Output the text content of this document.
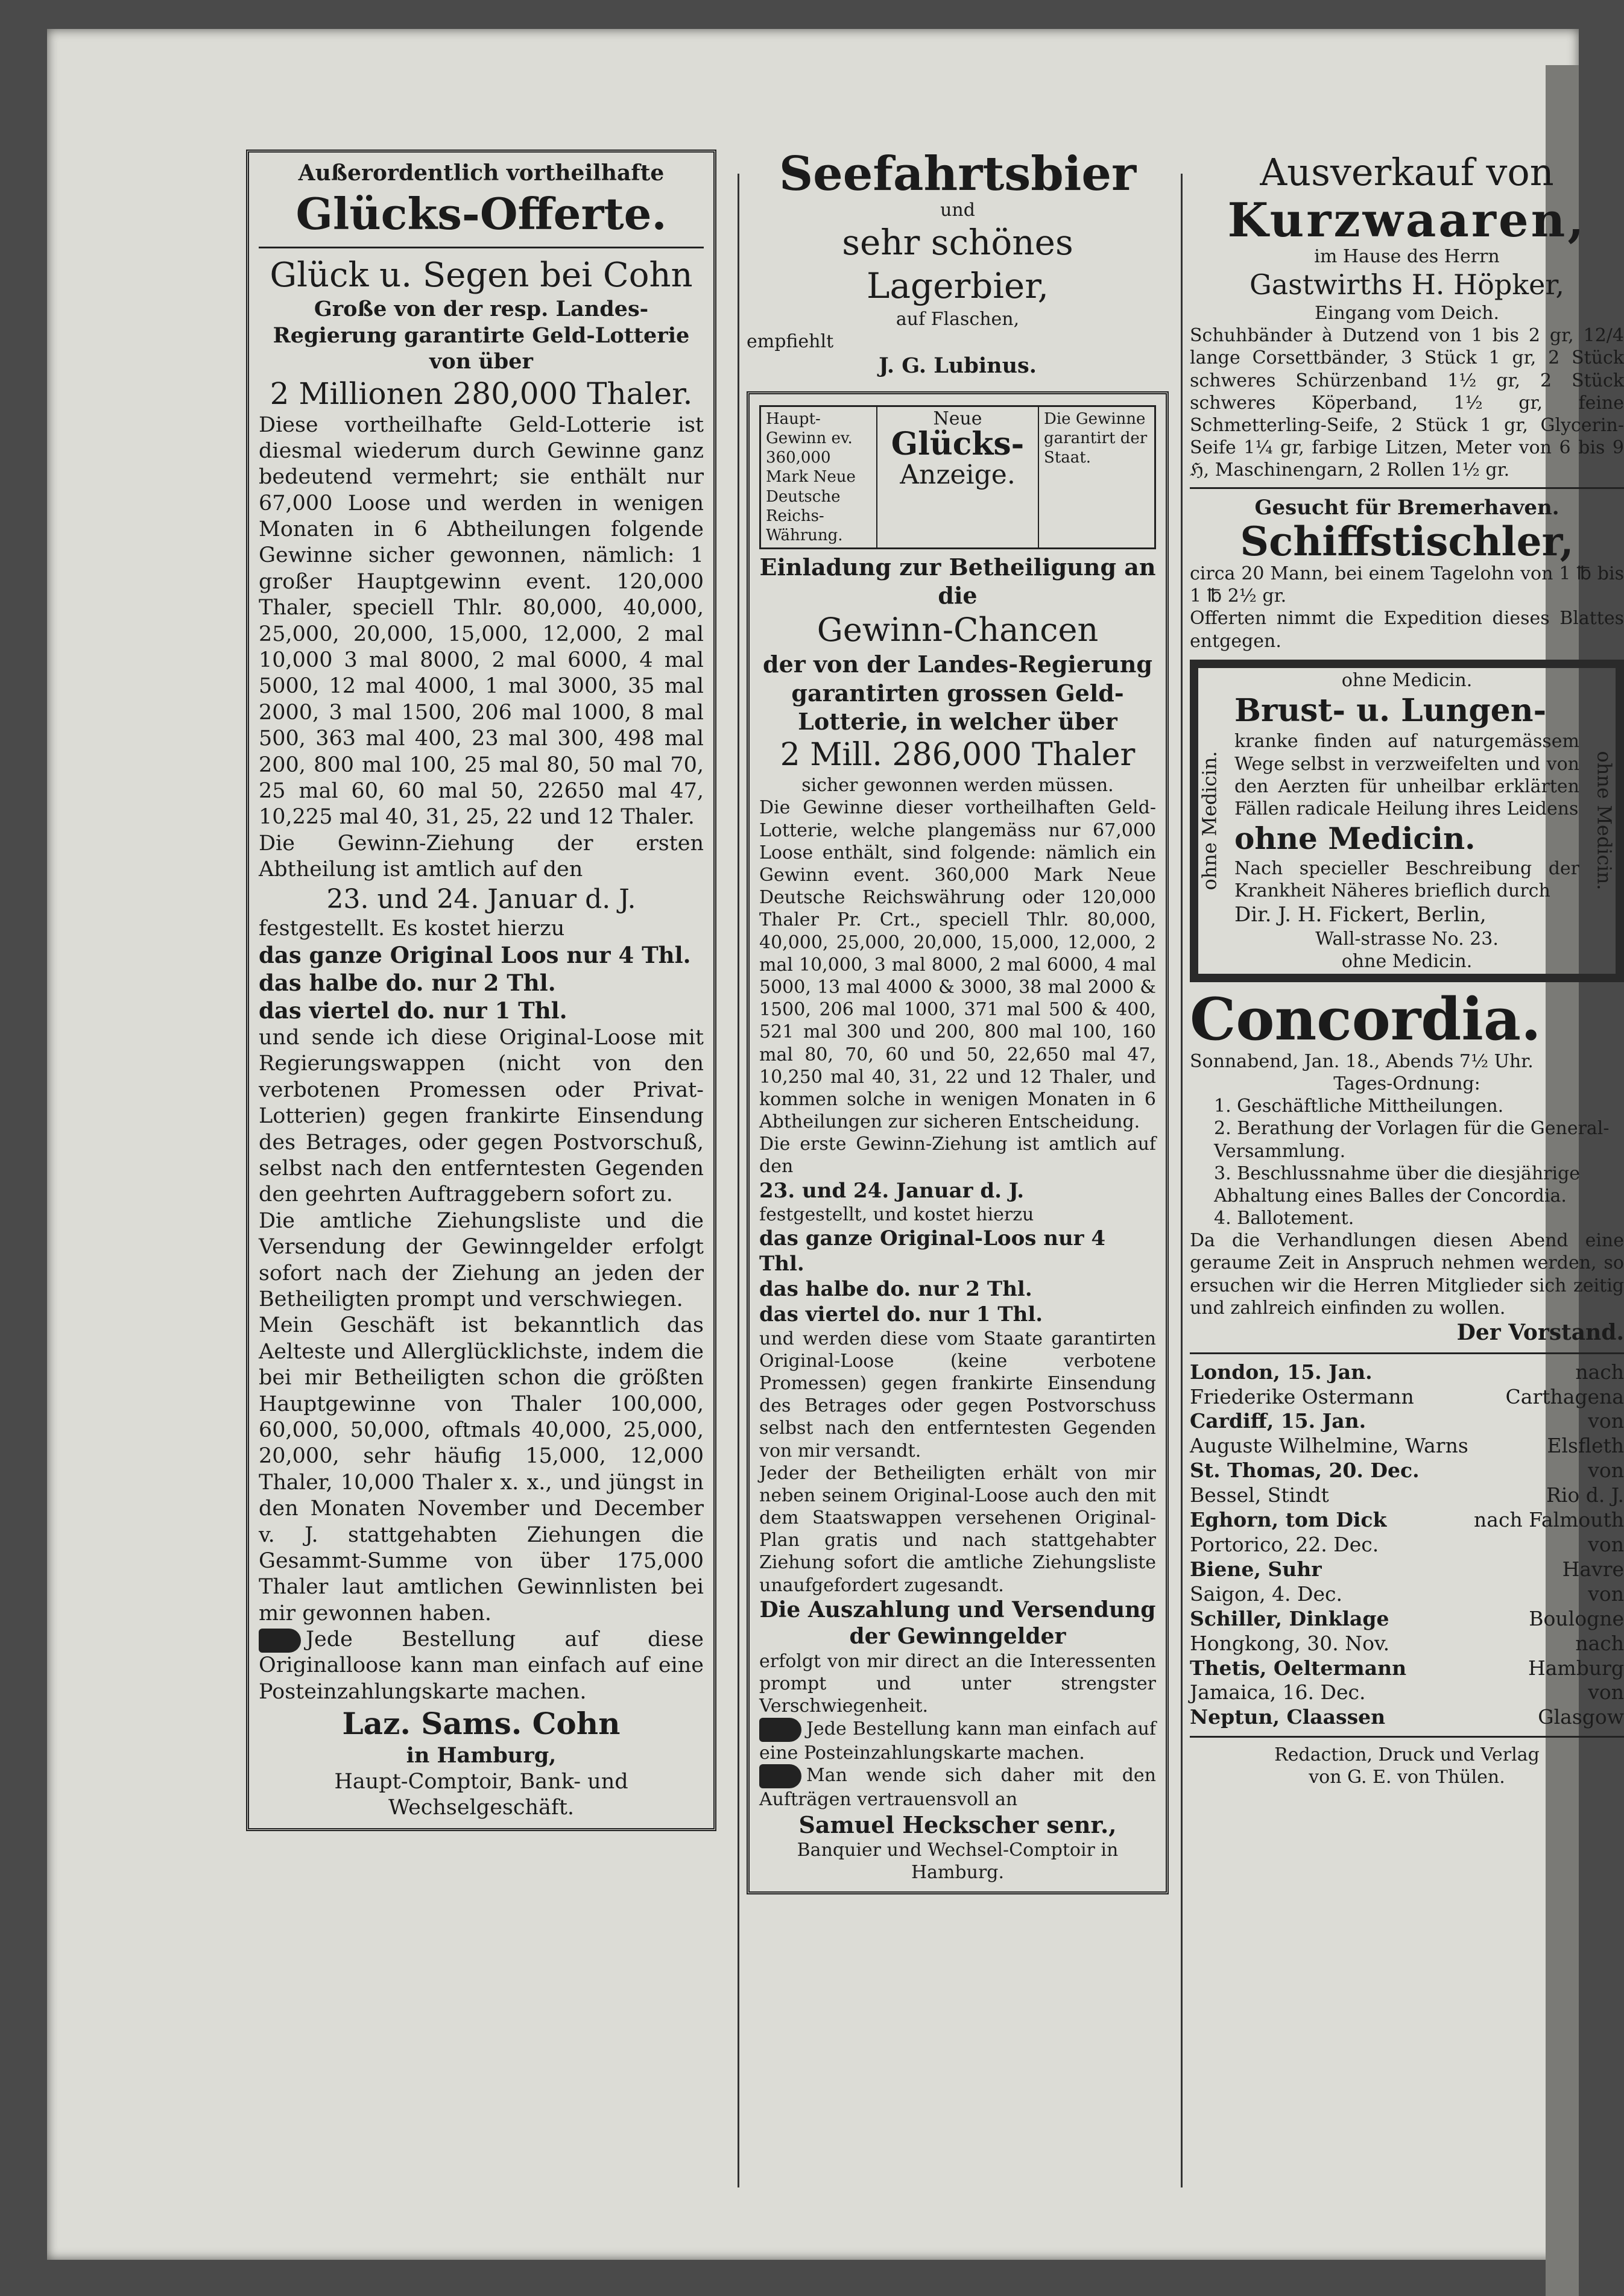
Außerordentlich vortheilhafte

Glücks-Offerte.

Glück u. Segen bei Cohn

Große von der resp. Landes-Regierung garantirte Geld-Lotterie von über

2 Millionen 280,000 Thaler.

Diese vortheilhafte Geld-Lotterie ist diesmal wiederum durch Gewinne ganz bedeutend vermehrt; sie enthält nur 67,000 Loose und werden in wenigen Monaten in 6 Abtheilungen folgende Gewinne sicher gewonnen, nämlich: 1 großer Hauptgewinn event. 120,000 Thaler, speciell Thlr. 80,000, 40,000, 25,000, 20,000, 15,000, 12,000, 2 mal 10,000 3 mal 8000, 2 mal 6000, 4 mal 5000, 12 mal 4000, 1 mal 3000, 35 mal 2000, 3 mal 1500, 206 mal 1000, 8 mal 500, 363 mal 400, 23 mal 300, 498 mal 200, 800 mal 100, 25 mal 80, 50 mal 70, 25 mal 60, 60 mal 50, 22650 mal 47, 10,225 mal 40, 31, 25, 22 und 12 Thaler.

Die Gewinn-Ziehung der ersten Abtheilung ist amtlich auf den

23. und 24. Januar d. J.

festgestellt. Es kostet hierzu

das ganze Original Loos nur 4 Thl.

das halbe do. nur 2 Thl.

das viertel do. nur 1 Thl.

und sende ich diese Original-Loose mit Regierungswappen (nicht von den verbotenen Promessen oder Privat-Lotterien) gegen frankirte Einsendung des Betrages, oder gegen Postvorschuß, selbst nach den entferntesten Gegenden den geehrten Auftraggebern sofort zu.

Die amtliche Ziehungsliste und die Versendung der Gewinngelder erfolgt sofort nach der Ziehung an jeden der Betheiligten prompt und verschwiegen.

Mein Geschäft ist bekanntlich das Aelteste und Allerglücklichste, indem die bei mir Betheiligten schon die größten Hauptgewinne von Thaler 100,000, 60,000, 50,000, oftmals 40,000, 25,000, 20,000, sehr häufig 15,000, 12,000 Thaler, 10,000 Thaler x. x., und jüngst in den Monaten November und December v. J. stattgehabten Ziehungen die Gesammt-Summe von über 175,000 Thaler laut amtlichen Gewinnlisten bei mir gewonnen haben.

Jede Bestellung auf diese Originalloose kann man einfach auf eine Posteinzahlungskarte machen.

Laz. Sams. Cohn

in Hamburg,

Haupt-Comptoir, Bank- und Wechselgeschäft.

Seefahrtsbier

und

sehr schönes Lagerbier,

auf Flaschen,

empfiehlt

J. G. Lubinus.

Haupt-Gewinn ev. 360,000 Mark Neue Deutsche Reichs-Währung.
Neue
Glücks-
Anzeige.
Die Gewinne garantirt der Staat.

Einladung zur Betheiligung an die

Gewinn-Chancen

der von der Landes-Regierung garantirten grossen Geld-Lotterie, in welcher über

2 Mill. 286,000 Thaler

sicher gewonnen werden müssen.

Die Gewinne dieser vortheilhaften Geld-Lotterie, welche plangemäss nur 67,000 Loose enthält, sind folgende: nämlich ein Gewinn event. 360,000 Mark Neue Deutsche Reichswährung oder 120,000 Thaler Pr. Crt., speciell Thlr. 80,000, 40,000, 25,000, 20,000, 15,000, 12,000, 2 mal 10,000, 3 mal 8000, 2 mal 6000, 4 mal 5000, 13 mal 4000 & 3000, 38 mal 2000 & 1500, 206 mal 1000, 371 mal 500 & 400, 521 mal 300 und 200, 800 mal 100, 160 mal 80, 70, 60 und 50, 22,650 mal 47, 10,250 mal 40, 31, 22 und 12 Thaler, und kommen solche in wenigen Monaten in 6 Abtheilungen zur sicheren Entscheidung.

Die erste Gewinn-Ziehung ist amtlich auf den

23. und 24. Januar d. J.

festgestellt, und kostet hierzu

das ganze Original-Loos nur 4 Thl.

das halbe do. nur 2 Thl.

das viertel do. nur 1 Thl.

und werden diese vom Staate garantirten Original-Loose (keine verbotene Promessen) gegen frankirte Einsendung des Betrages oder gegen Postvorschuss selbst nach den entferntesten Gegenden von mir versandt.

Jeder der Betheiligten erhält von mir neben seinem Original-Loose auch den mit dem Staatswappen versehenen Original-Plan gratis und nach stattgehabter Ziehung sofort die amtliche Ziehungsliste unaufgefordert zugesandt.

Die Auszahlung und Versendung der Gewinngelder

erfolgt von mir direct an die Interessenten prompt und unter strengster Verschwiegenheit.

Jede Bestellung kann man einfach auf eine Posteinzahlungskarte machen.

Man wende sich daher mit den Aufträgen vertrauensvoll an

Samuel Heckscher senr.,

Banquier und Wechsel-Comptoir in Hamburg.

Ausverkauf von

Kurzwaaren,

im Hause des Herrn

Gastwirths H. Höpker,

Eingang vom Deich.

Schuhbänder à Dutzend von 1 bis 2 gr, 12/4 lange Corsettbänder, 3 Stück 1 gr, 2 Stück schweres Schürzenband 1½ gr, 2 Stück schweres Köperband, 1½ gr, feine Schmetterling-Seife, 2 Stück 1 gr, Glycerin-Seife 1¼ gr, farbige Litzen, Meter von 6 bis 9 ℌ, Maschinengarn, 2 Rollen 1½ gr.

Gesucht für Bremerhaven.

Schiffstischler,

circa 20 Mann, bei einem Tagelohn von 1 ℔ bis 1 ℔ 2½ gr.

Offerten nimmt die Expedition dieses Blattes entgegen.

ohne Medicin.

ohne Medicin.	ohne Medicin.

Brust- u. Lungen-

kranke finden auf naturgemässem Wege selbst in verzweifelten und von den Aerzten für unheilbar erklärten Fällen radicale Heilung ihres Leidens

ohne Medicin.

Nach specieller Beschreibung der Krankheit Näheres brieflich durch

Dir. J. H. Fickert, Berlin,

Wall-strasse No. 23.

ohne Medicin.

Concordia.

Sonnabend, Jan. 18., Abends 7½ Uhr.

Tages-Ordnung:

1. Geschäftliche Mittheilungen.

2. Berathung der Vorlagen für die General-Versammlung.

3. Beschlussnahme über die diesjährige Abhaltung eines Balles der Concordia.

4. Ballotement.

Da die Verhandlungen diesen Abend eine geraume Zeit in Anspruch nehmen werden, so ersuchen wir die Herren Mitglieder sich zeitig und zahlreich einfinden zu wollen.

Der Vorstand.

London, 15. Jan.	nach
Friederike Ostermann	Carthagena
Cardiff, 15. Jan.	von
Auguste Wilhelmine, Warns	Elsfleth
St. Thomas, 20. Dec.	von
Bessel, Stindt	Rio d. J.
Eghorn, tom Dick	nach Falmouth
Portorico, 22. Dec.	von
Biene, Suhr	Havre
Saigon, 4. Dec.	von
Schiller, Dinklage	Boulogne
Hongkong, 30. Nov.	nach
Thetis, Oeltermann	Hamburg
Jamaica, 16. Dec.	von
Neptun, Claassen	Glasgow

Redaction, Druck und Verlag

von G. E. von Thülen.
